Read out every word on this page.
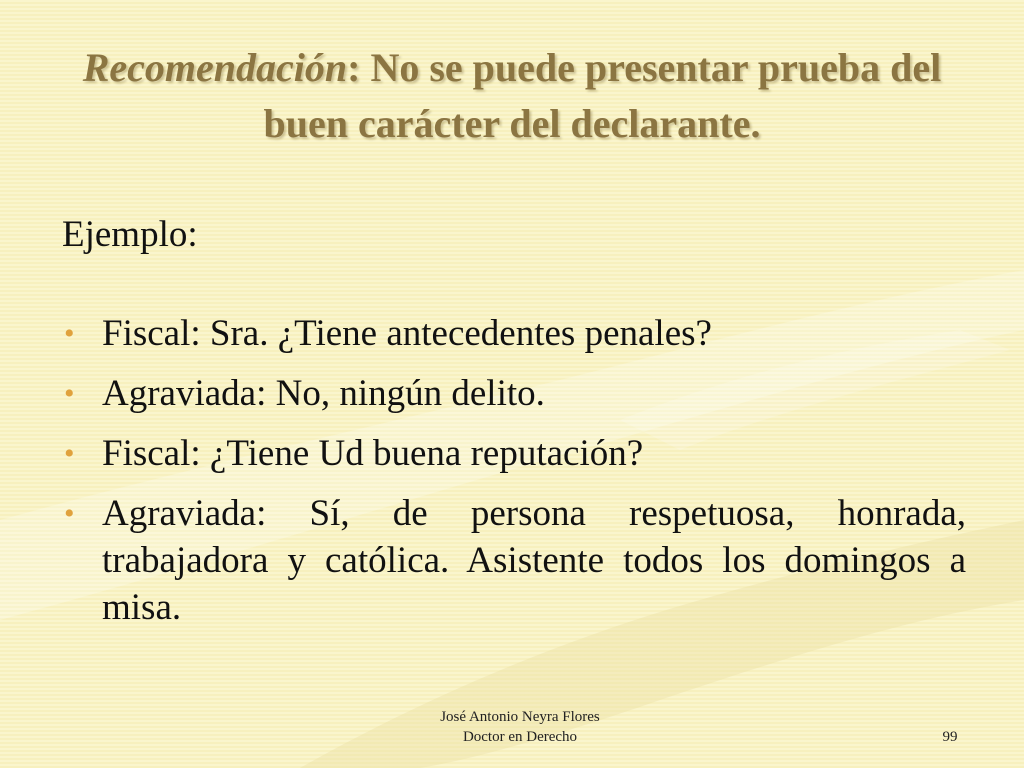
Recomendación: No se puede presentar prueba del buen carácter del declarante.

Ejemplo:

• Fiscal: Sra. ¿Tiene antecedentes penales?
• Agraviada: No, ningún delito.
• Fiscal: ¿Tiene Ud buena reputación?
• Agraviada: Sí, de persona respetuosa, honrada, trabajadora y católica. Asistente todos los domingos a misa.
José Antonio Neyra Flores
Doctor en Derecho	99
